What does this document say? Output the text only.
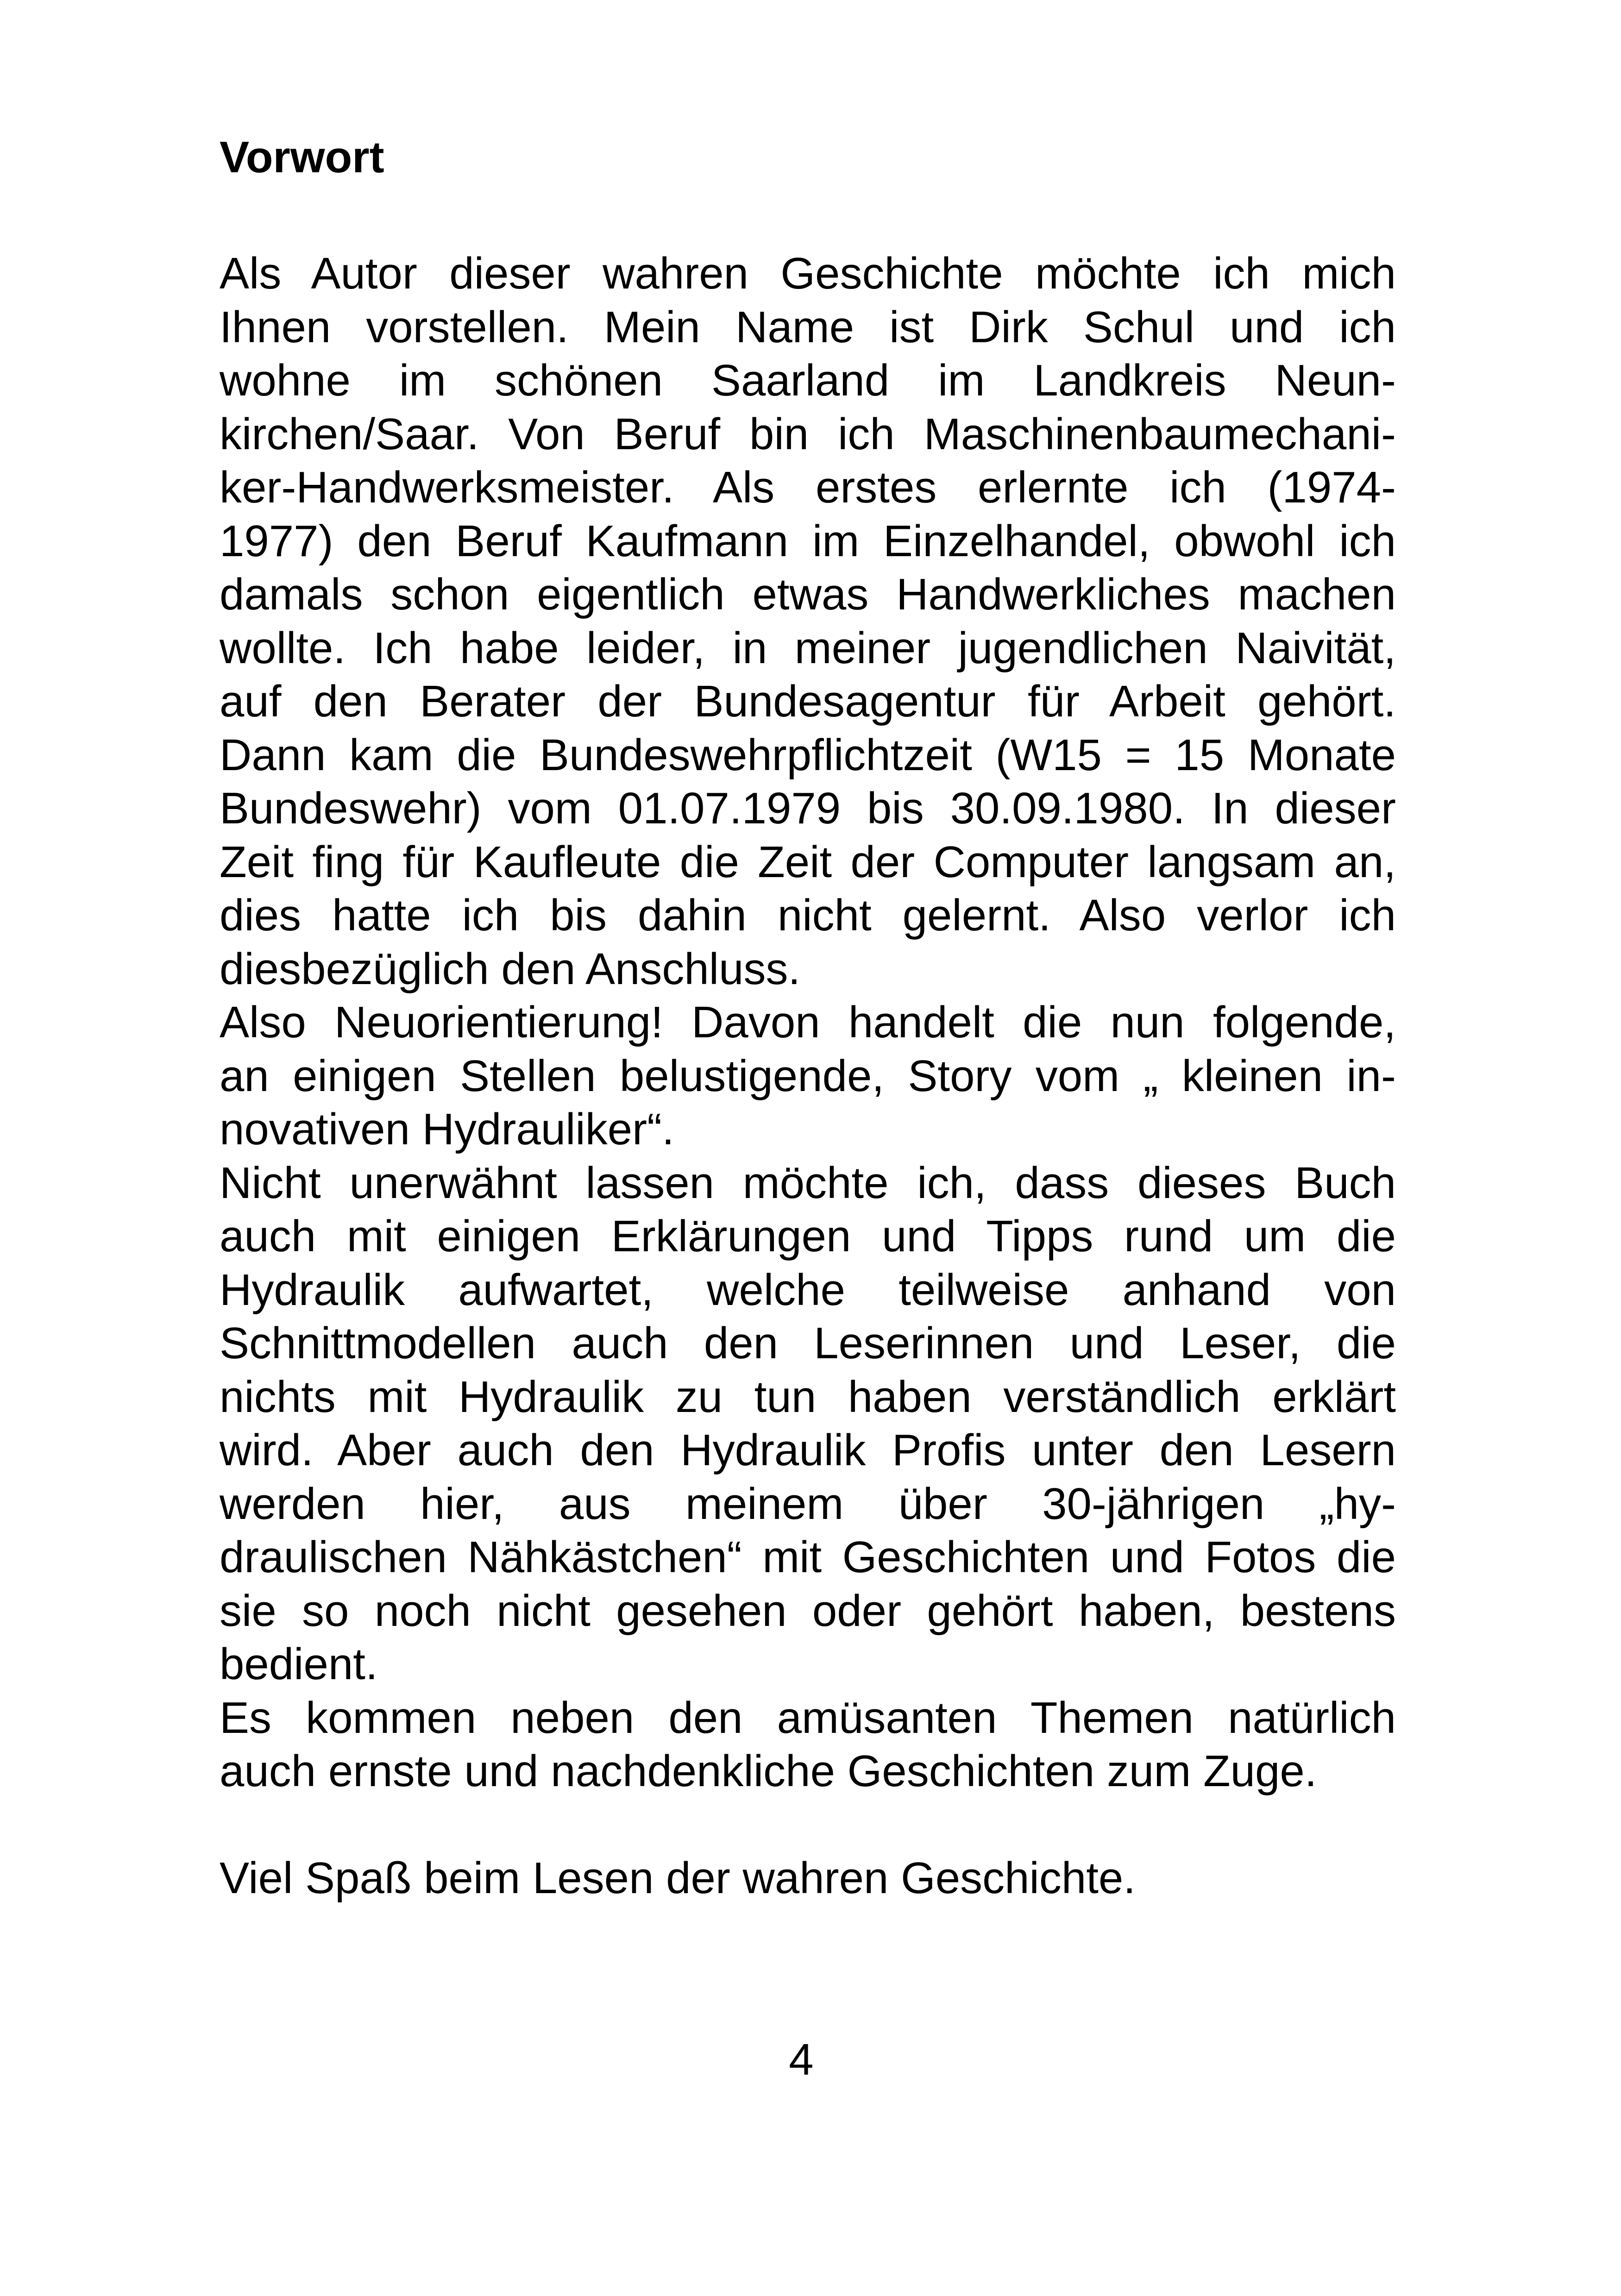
Vorwort
Als Autor dieser wahren Geschichte möchte ich mich
Ihnen vorstellen. Mein Name ist Dirk Schul und ich
wohne im schönen Saarland im Landkreis Neun-
kirchen/Saar. Von Beruf bin ich Maschinenbaumechani-
ker-Handwerksmeister. Als erstes erlernte ich (1974-
1977) den Beruf Kaufmann im Einzelhandel, obwohl ich
damals schon eigentlich etwas Handwerkliches machen
wollte. Ich habe leider, in meiner jugendlichen Naivität,
auf den Berater der Bundesagentur für Arbeit gehört.
Dann kam die Bundeswehrpflichtzeit (W15 = 15 Monate
Bundeswehr) vom 01.07.1979 bis 30.09.1980. In dieser
Zeit fing für Kaufleute die Zeit der Computer langsam an,
dies hatte ich bis dahin nicht gelernt. Also verlor ich
diesbezüglich den Anschluss.
Also Neuorientierung! Davon handelt die nun folgende,
an einigen Stellen belustigende, Story vom „ kleinen in-
novativen Hydrauliker“.
Nicht unerwähnt lassen möchte ich, dass dieses Buch
auch mit einigen Erklärungen und Tipps rund um die
Hydraulik aufwartet, welche teilweise anhand von
Schnittmodellen auch den Leserinnen und Leser, die
nichts mit Hydraulik zu tun haben verständlich erklärt
wird. Aber auch den Hydraulik Profis unter den Lesern
werden hier, aus meinem über 30-jährigen „hy-
draulischen Nähkästchen“ mit Geschichten und Fotos die
sie so noch nicht gesehen oder gehört haben, bestens
bedient.
Es kommen neben den amüsanten Themen natürlich
auch ernste und nachdenkliche Geschichten zum Zuge.
Viel Spaß beim Lesen der wahren Geschichte.
4
